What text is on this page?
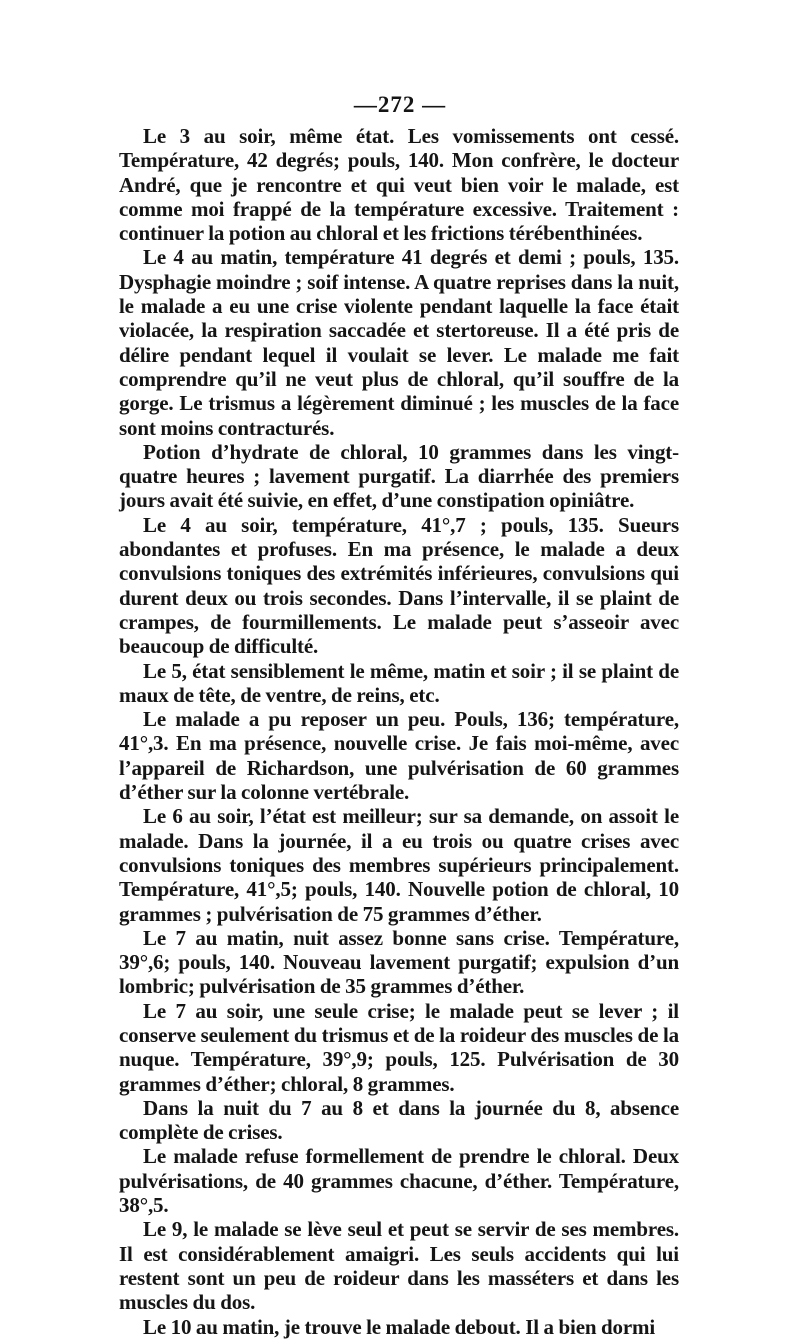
—272 —

Le 3 au soir, même état. Les vomissements ont cessé. Température, 42 degrés; pouls, 140. Mon confrère, le docteur André, que je rencontre et qui veut bien voir le malade, est comme moi frappé de la température excessive. Traitement : continuer la potion au chloral et les frictions térébenthinées.

Le 4 au matin, température 41 degrés et demi ; pouls, 135. Dysphagie moindre ; soif intense. A quatre reprises dans la nuit, le malade a eu une crise violente pendant laquelle la face était violacée, la respiration saccadée et stertoreuse. Il a été pris de délire pendant lequel il voulait se lever. Le malade me fait comprendre qu’il ne veut plus de chloral, qu’il souffre de la gorge. Le trismus a légèrement diminué ; les muscles de la face sont moins contracturés.

Potion d’hydrate de chloral, 10 grammes dans les vingt-quatre heures ; lavement purgatif. La diarrhée des premiers jours avait été suivie, en effet, d’une constipation opiniâtre.

Le 4 au soir, température, 41°,7 ; pouls, 135. Sueurs abondantes et profuses. En ma présence, le malade a deux convulsions toniques des extrémités inférieures, convulsions qui durent deux ou trois secondes. Dans l’intervalle, il se plaint de crampes, de fourmillements. Le malade peut s’asseoir avec beaucoup de difficulté.

Le 5, état sensiblement le même, matin et soir ; il se plaint de maux de tête, de ventre, de reins, etc.

Le malade a pu reposer un peu. Pouls, 136; température, 41°,3. En ma présence, nouvelle crise. Je fais moi-même, avec l’appareil de Richardson, une pulvérisation de 60 grammes d’éther sur la colonne vertébrale.

Le 6 au soir, l’état est meilleur; sur sa demande, on assoit le malade. Dans la journée, il a eu trois ou quatre crises avec convulsions toniques des membres supérieurs principalement. Température, 41°,5; pouls, 140. Nouvelle potion de chloral, 10 grammes ; pulvérisation de 75 grammes d’éther.

Le 7 au matin, nuit assez bonne sans crise. Température, 39°,6; pouls, 140. Nouveau lavement purgatif; expulsion d’un lombric; pulvérisation de 35 grammes d’éther.

Le 7 au soir, une seule crise; le malade peut se lever ; il conserve seulement du trismus et de la roideur des muscles de la nuque. Température, 39°,9; pouls, 125. Pulvérisation de 30 grammes d’éther; chloral, 8 grammes.

Dans la nuit du 7 au 8 et dans la journée du 8, absence complète de crises.

Le malade refuse formellement de prendre le chloral. Deux pulvérisations, de 40 grammes chacune, d’éther. Température, 38°,5.

Le 9, le malade se lève seul et peut se servir de ses membres. Il est considérablement amaigri. Les seuls accidents qui lui restent sont un peu de roideur dans les masséters et dans les muscles du dos.

Le 10 au matin, je trouve le malade debout. Il a bien dormi
